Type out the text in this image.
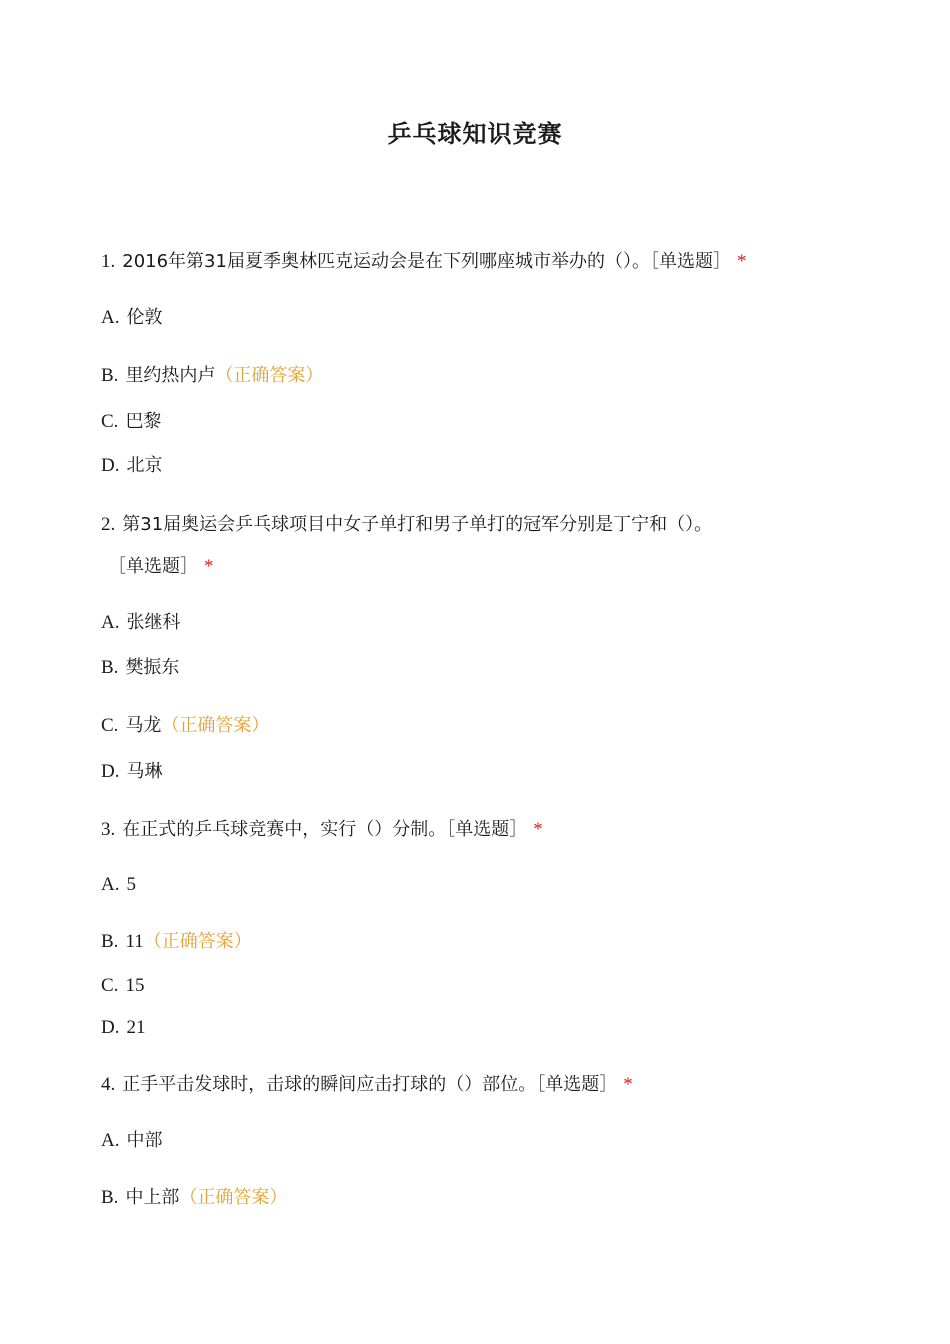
乒乓球知识竞赛
1. 2016年第31届夏季奥林匹克运动会是在下列哪座城市举办的（）。［单选题］ *
A. 伦敦
B. 里约热内卢（正确答案）
C. 巴黎
D. 北京
2. 第31届奥运会乒乓球项目中女子单打和男子单打的冠军分别是丁宁和（）。
［单选题］ *
A. 张继科
B. 樊振东
C. 马龙（正确答案）
D. 马琳
3. 在正式的乒乓球竞赛中，实行（）分制。［单选题］ *
A. 5
B. 11（正确答案）
C. 15
D. 21
4. 正手平击发球时，击球的瞬间应击打球的（）部位。［单选题］ *
A. 中部
B. 中上部（正确答案）
